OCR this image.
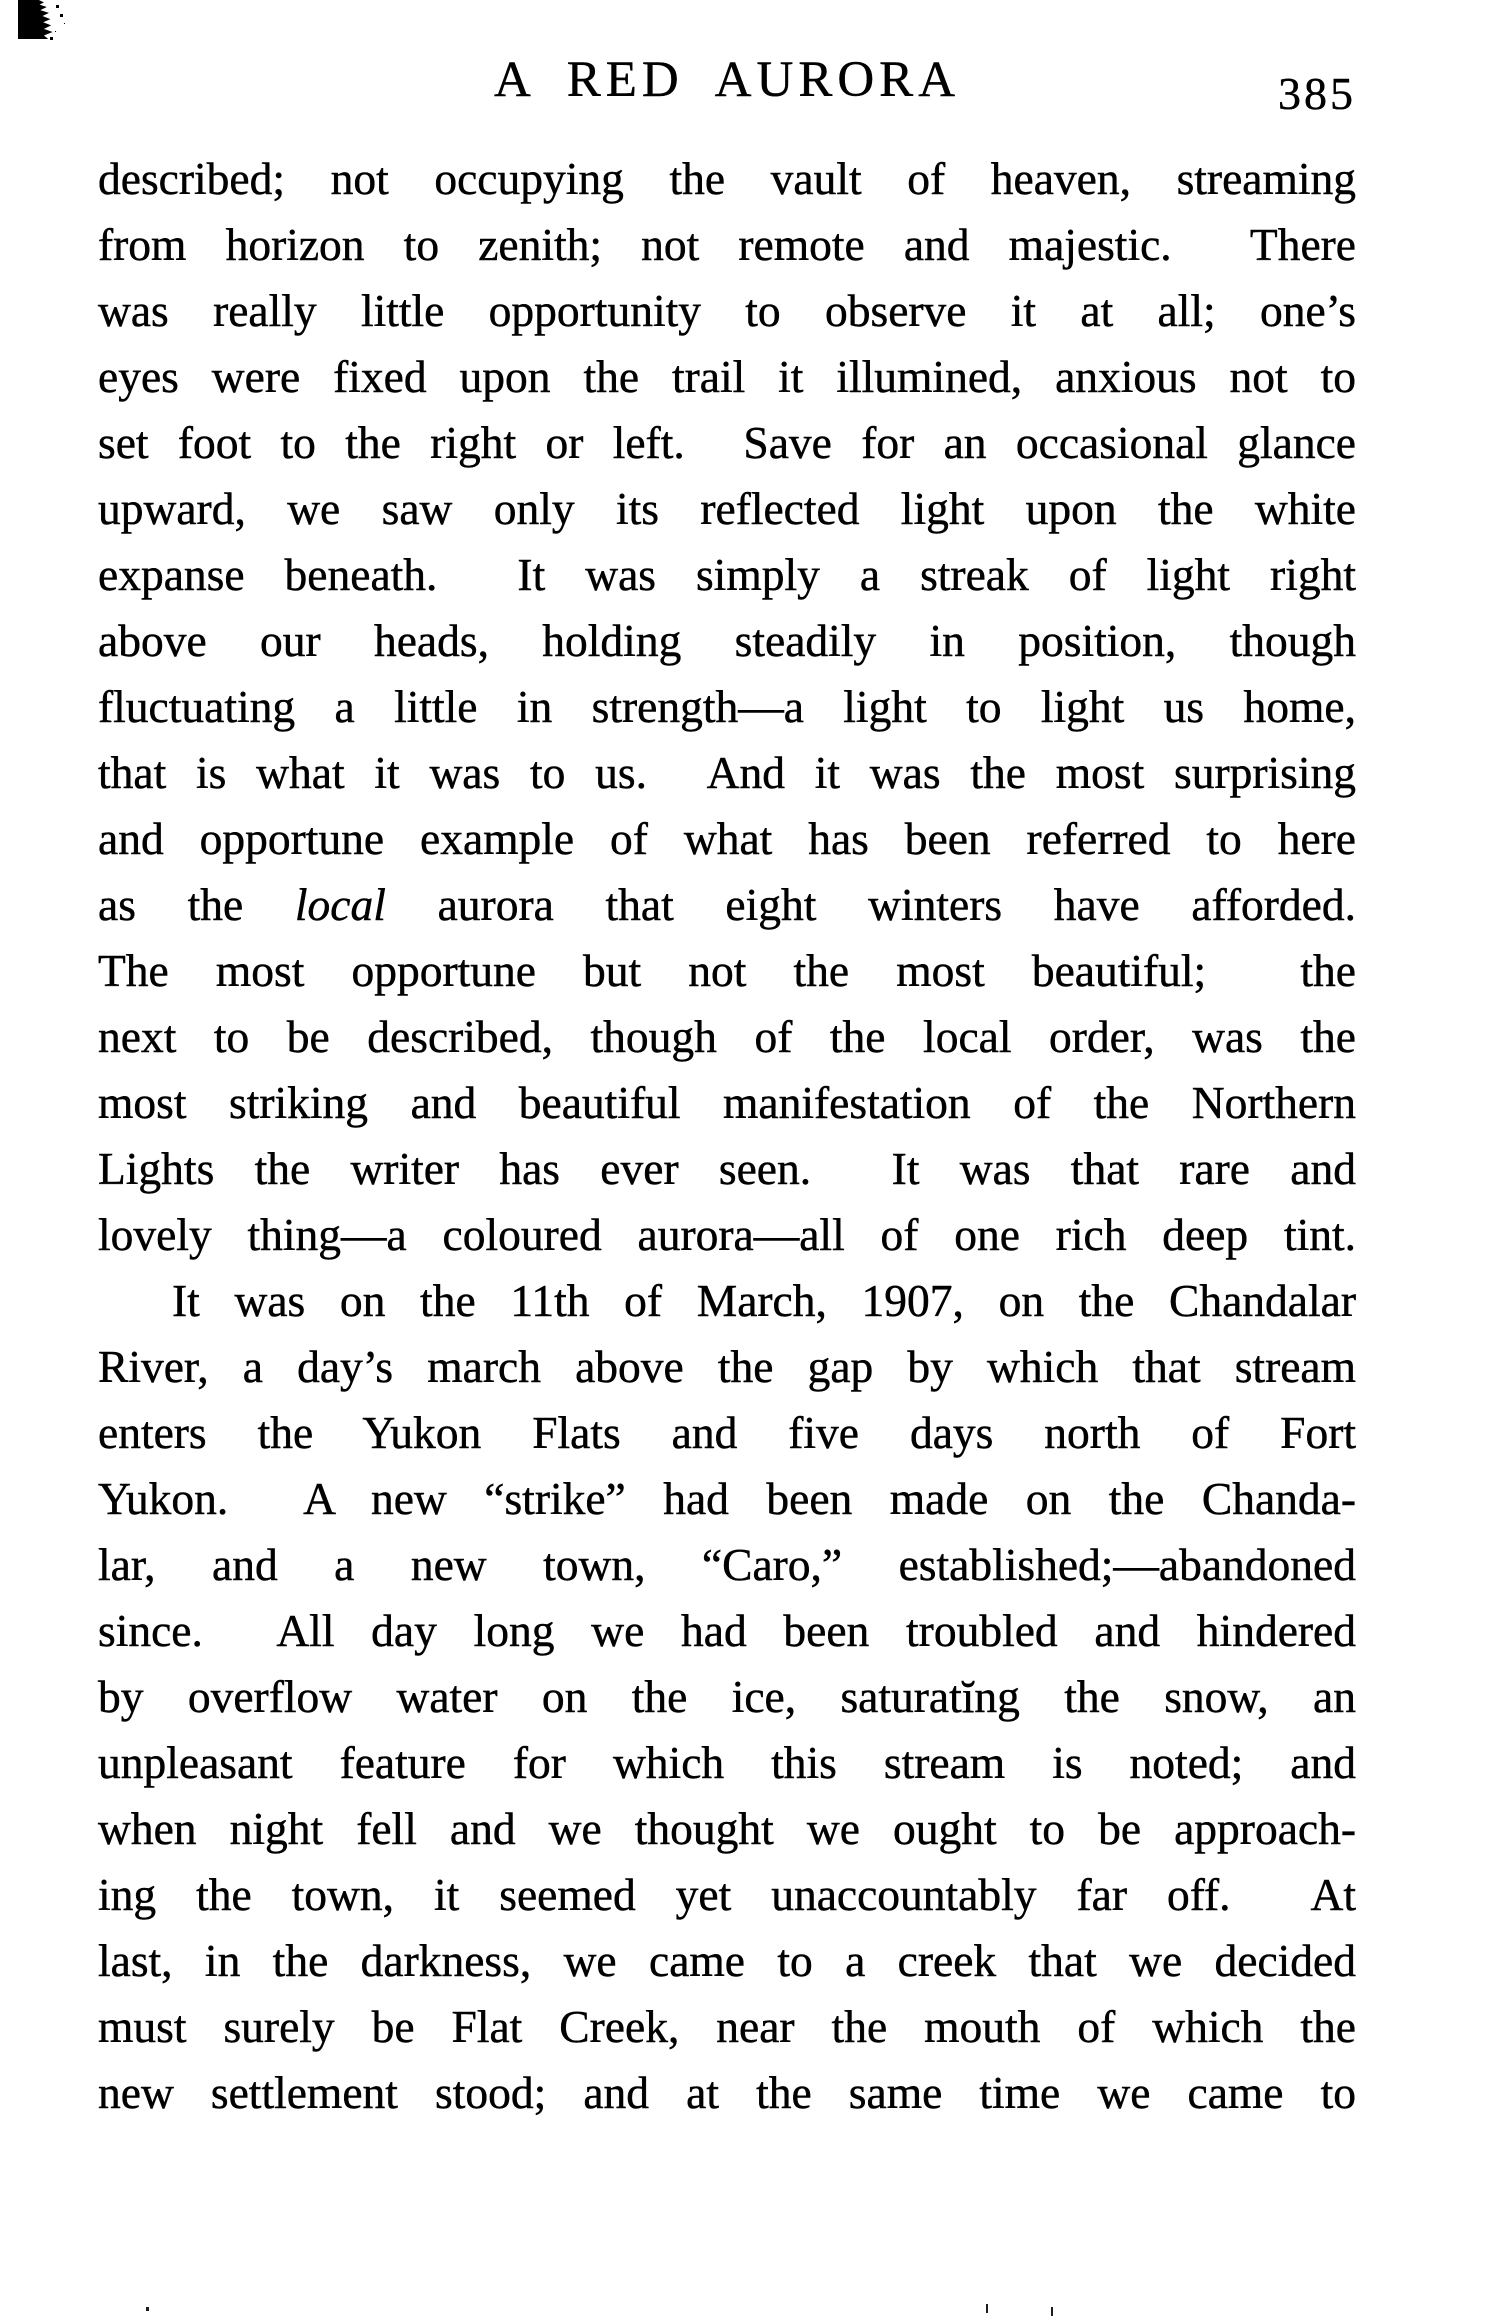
A RED AURORA	385
described; not occupying the vault of heaven, streaming
from horizon to zenith; not remote and majestic.  There
was really little opportunity to observe it at all; one’s
eyes were fixed upon the trail it illumined, anxious not to
set foot to the right or left.  Save for an occasional glance
upward, we saw only its reflected light upon the white
expanse beneath.  It was simply a streak of light right
above our heads, holding steadily in position, though
fluctuating a little in strength—a light to light us home,
that is what it was to us.  And it was the most surprising
and opportune example of what has been referred to here
as the local aurora that eight winters have afforded.
The most opportune but not the most beautiful;  the
next to be described, though of the local order, was the
most striking and beautiful manifestation of the Northern
Lights the writer has ever seen.  It was that rare and
lovely thing—a coloured aurora—all of one rich deep tint.
It was on the 11th of March, 1907, on the Chandalar
River, a day’s march above the gap by which that stream
enters the Yukon Flats and five days north of Fort
Yukon.  A new “strike” had been made on the Chanda-
lar, and a new town, “Caro,” established;—abandoned
since.  All day long we had been troubled and hindered
by overflow water on the ice, saturatĭng the snow, an
unpleasant feature for which this stream is noted; and
when night fell and we thought we ought to be approach-
ing the town, it seemed yet unaccountably far off.  At
last, in the darkness, we came to a creek that we decided
must surely be Flat Creek, near the mouth of which the
new settlement stood; and at the same time we came to
